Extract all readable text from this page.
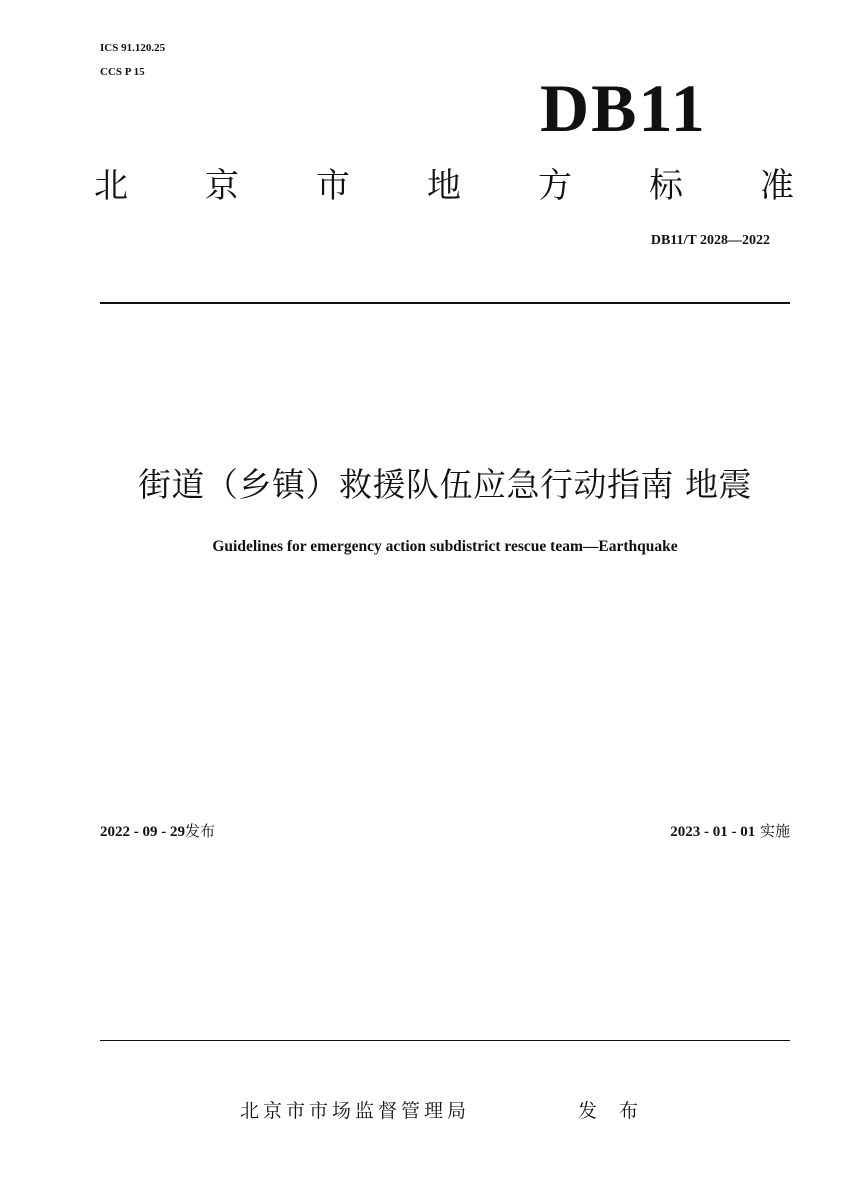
ICS 91.120.25
CCS P 15	DB11
北 京 市 地 方 标 准
DB11/T 2028—2022
街道（乡镇）救援队伍应急行动指南 地震
Guidelines for emergency action subdistrict rescue team—Earthquake
2022 - 09 - 29发布	2023 - 01 - 01 实施
北京市市场监督管理局	发 布
